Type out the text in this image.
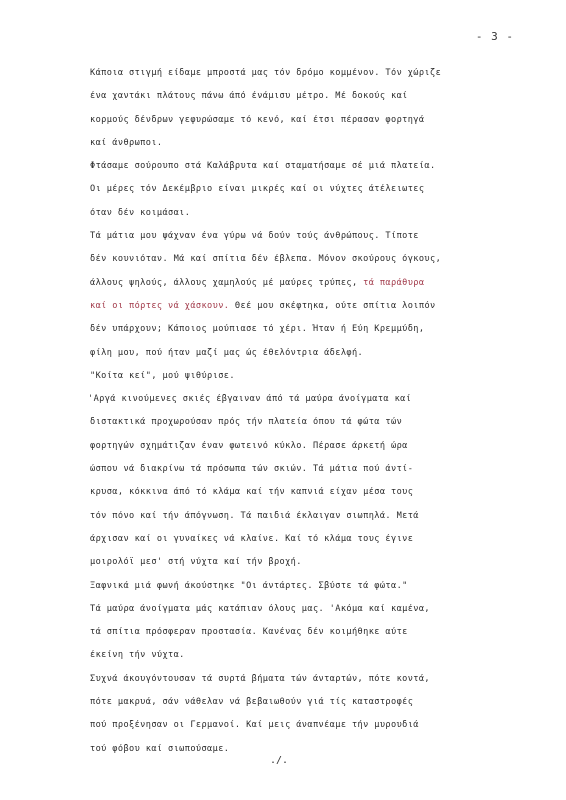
- 3 -
Κάποια στιγμή είδαμε μπροστά μας τόν δρόμο κομμένον. Τόν χώριζε
ένα χαντάκι πλάτους πάνω άπό ένάμισυ μέτρο. Μέ δοκούς καί
κορμούς δένδρων γεφυρώσαμε τό κενό, καί έτσι πέρασαν φορτηγά
καί άνθρωποι.
Φτάσαμε σούρουπο στά Καλάβρυτα καί σταματήσαμε σέ μιά πλατεία.
Οι μέρες τόν Δεκέμβριο είναι μικρές καί οι νύχτες άτέλειωτες
όταν δέν κοιμάσαι.
Τά μάτια μου ψάχναν ένα γύρω νά δούν τούς άνθρώπους. Τίποτε
δέν κουνιόταν. Μά καί σπίτια δέν έβλεπα. Μόνον σκούρους όγκους,
άλλους ψηλούς, άλλους χαμηλούς μέ μαύρες τρύπες, τά παράθυρα
καί οι πόρτες νά χάσκουν. Θεέ μου σκέφτηκα, ούτε σπίτια λοιπόν
δέν υπάρχουν; Κάποιος μούπιασε τό χέρι. Ήταν ή Εύη Κρεμμύδη,
φίλη μου, πού ήταν μαζί μας ώς έθελόντρια άδελφή.
"Κοίτα κεί", μού ψιθύρισε.
'Αργά κινούμενες σκιές έβγαιναν άπό τά μαύρα άνοίγματα καί
διστακτικά προχωρούσαν πρός τήν πλατεία όπου τά φώτα τών
φορτηγών σχημάτιζαν έναν φωτεινό κύκλο. Πέρασε άρκετή ώρα
ώσπου νά διακρίνω τά πρόσωπα τών σκιών. Τά μάτια πού άντί-
κρυσα, κόκκινα άπό τό κλάμα καί τήν καπνιά είχαν μέσα τους
τόν πόνο καί τήν άπόγνωση. Τά παιδιά έκλαιγαν σιωπηλά. Μετά
άρχισαν καί οι γυναίκες νά κλαίνε. Καί τό κλάμα τους έγινε
μοιρολόϊ μεσ' στή νύχτα καί τήν βροχή.
Ξαφνικά μιά φωνή άκούστηκε "Οι άντάρτες. Σβύστε τά φώτα."
Τά μαύρα άνοίγματα μάς κατάπιαν όλους μας. 'Ακόμα καί καμένα,
τά σπίτια πρόσφεραν προστασία. Κανένας δέν κοιμήθηκε αύτε
έκείνη τήν νύχτα.
Συχνά άκουγόντουσαν τά συρτά βήματα τών άνταρτών, πότε κοντά,
πότε μακρυά, σάν νάθελαν νά βεβαιωθούν γιά τίς καταστροφές
πού προξένησαν οι Γερμανοί. Καί μεις άναπνέαμε τήν μυρουδιά
τού φόβου καί σιωπούσαμε.
./.
